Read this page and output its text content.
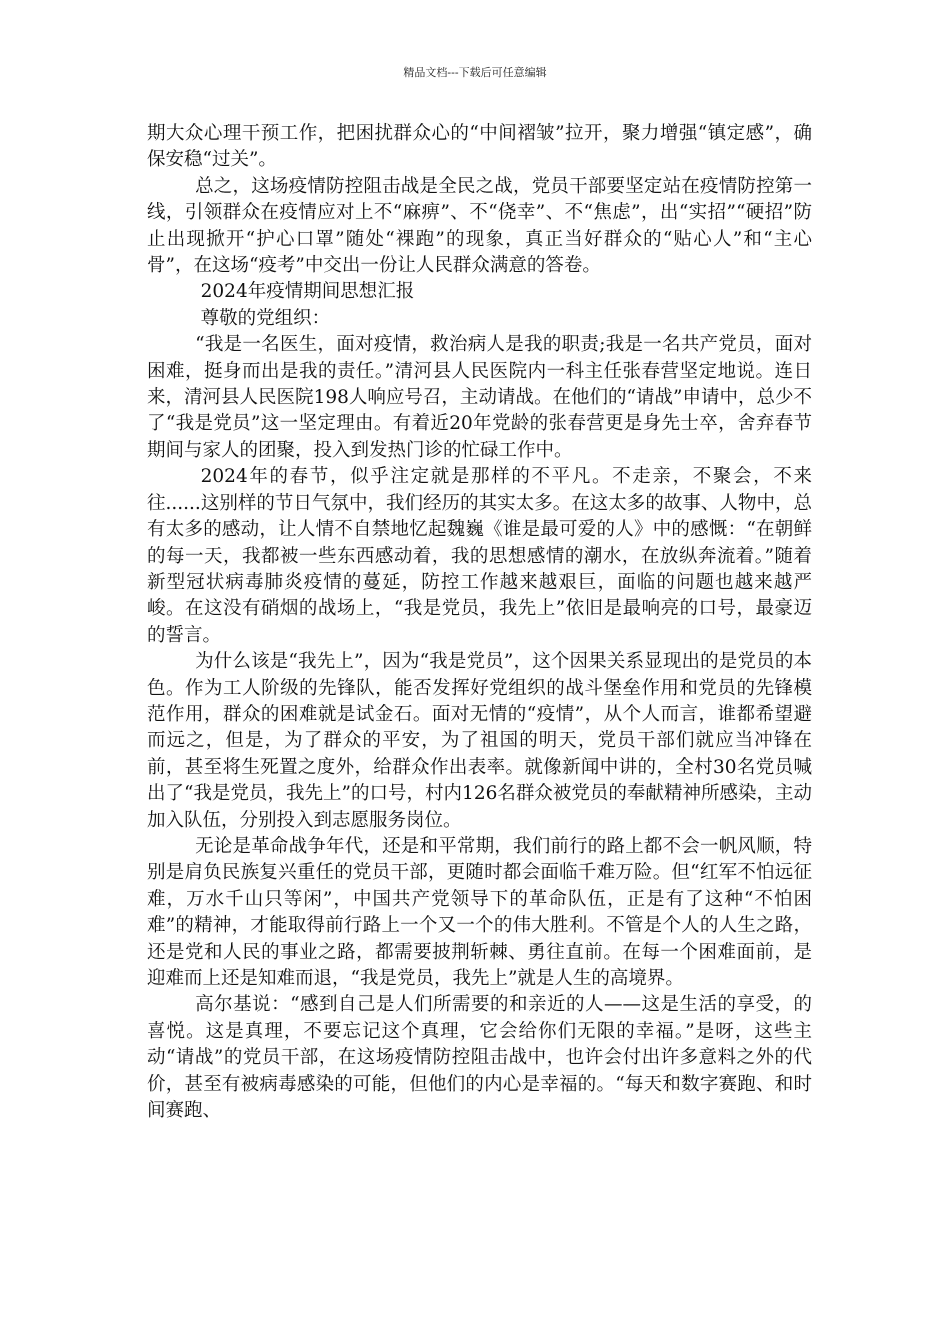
精品文档---下载后可任意编辑

期大众心理干预工作，把困扰群众心的“中间褶皱”拉开，聚力增强“镇定感”，确保安稳“过关”。

总之，这场疫情防控阻击战是全民之战，党员干部要坚定站在疫情防控第一线，引领群众在疫情应对上不“麻痹”、不“侥幸”、不“焦虑”，出“实招”“硬招”防止出现掀开“护心口罩”随处“裸跑”的现象，真正当好群众的“贴心人”和“主心骨”，在这场“疫考”中交出一份让人民群众满意的答卷。

2024年疫情期间思想汇报

尊敬的党组织：

“我是一名医生，面对疫情，救治病人是我的职责;我是一名共产党员，面对困难，挺身而出是我的责任。”清河县人民医院内一科主任张春营坚定地说。连日来，清河县人民医院198人响应号召，主动请战。在他们的“请战”申请中，总少不了“我是党员”这一坚定理由。有着近20年党龄的张春营更是身先士卒，舍弃春节期间与家人的团聚，投入到发热门诊的忙碌工作中。

2024年的春节，似乎注定就是那样的不平凡。不走亲，不聚会，不来往......这别样的节日气氛中，我们经历的其实太多。在这太多的故事、人物中，总有太多的感动，让人情不自禁地忆起魏巍《谁是最可爱的人》中的感慨：“在朝鲜的每一天，我都被一些东西感动着，我的思想感情的潮水，在放纵奔流着。”随着新型冠状病毒肺炎疫情的蔓延，防控工作越来越艰巨，面临的问题也越来越严峻。在这没有硝烟的战场上，“我是党员，我先上”依旧是最响亮的口号，最豪迈的誓言。

为什么该是“我先上”，因为“我是党员”，这个因果关系显现出的是党员的本色。作为工人阶级的先锋队，能否发挥好党组织的战斗堡垒作用和党员的先锋模范作用，群众的困难就是试金石。面对无情的“疫情”，从个人而言，谁都希望避而远之，但是，为了群众的平安，为了祖国的明天，党员干部们就应当冲锋在前，甚至将生死置之度外，给群众作出表率。就像新闻中讲的，全村30名党员喊出了“我是党员，我先上”的口号，村内126名群众被党员的奉献精神所感染，主动加入队伍，分别投入到志愿服务岗位。

无论是革命战争年代，还是和平常期，我们前行的路上都不会一帆风顺，特别是肩负民族复兴重任的党员干部，更随时都会面临千难万险。但“红军不怕远征难，万水千山只等闲”，中国共产党领导下的革命队伍，正是有了这种“不怕困难”的精神，才能取得前行路上一个又一个的伟大胜利。不管是个人的人生之路，还是党和人民的事业之路，都需要披荆斩棘、勇往直前。在每一个困难面前，是迎难而上还是知难而退，“我是党员，我先上”就是人生的高境界。

高尔基说：“感到自己是人们所需要的和亲近的人——这是生活的享受，的喜悦。这是真理，不要忘记这个真理，它会给你们无限的幸福。”是呀，这些主动“请战”的党员干部，在这场疫情防控阻击战中，也许会付出许多意料之外的代价，甚至有被病毒感染的可能，但他们的内心是幸福的。“每天和数字赛跑、和时间赛跑、
